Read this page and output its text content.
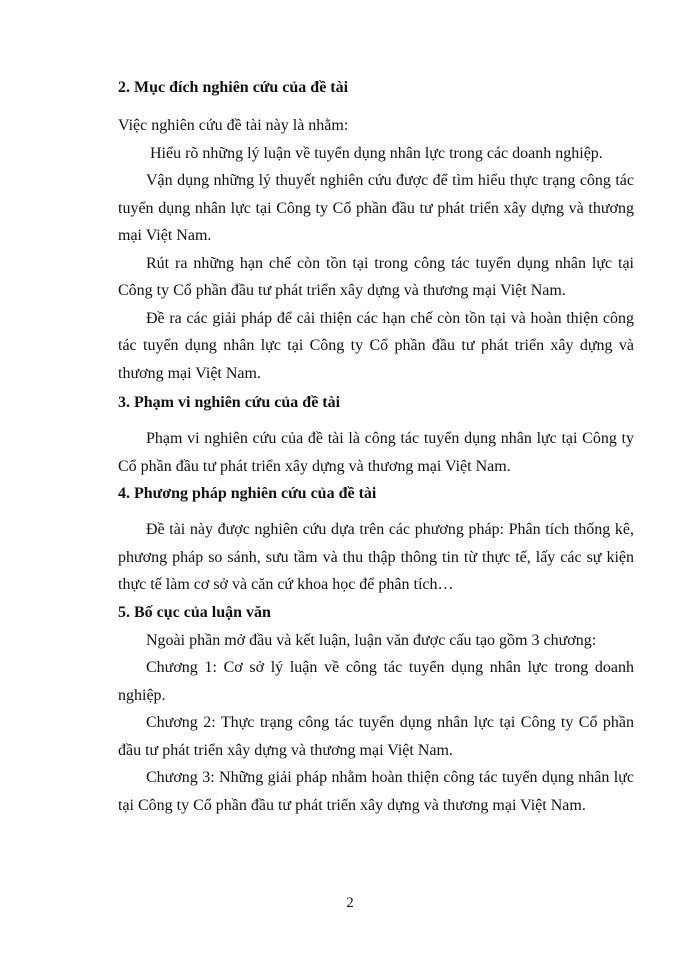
2. Mục đích nghiên cứu của đề tài

Việc nghiên cứu đề tài này là nhằm:

Hiểu rõ những lý luận về tuyển dụng nhân lực trong các doanh nghiệp.

Vận dụng những lý thuyết nghiên cứu được để tìm hiểu thực trạng công tác tuyển dụng nhân lực tại Công ty Cổ phần đầu tư phát triển xây dựng và thương mại Việt Nam.

Rút ra những hạn chế còn tồn tại trong công tác tuyển dụng nhân lực tại Công ty Cổ phần đầu tư phát triển xây dựng và thương mại Việt Nam.

Đề ra các giải pháp để cải thiện các hạn chế còn tồn tại và hoàn thiện công tác tuyển dụng nhân lực tại Công ty Cổ phần đầu tư phát triển xây dựng và thương mại Việt Nam.

3. Phạm vi nghiên cứu của đề tài

Phạm vi nghiên cứu của đề tài là công tác tuyển dụng nhân lực tại Công ty Cổ phần đầu tư phát triển xây dựng và thương mại Việt Nam.

4. Phương pháp nghiên cứu của đề tài

Đề tài này được nghiên cứu dựa trên các phương pháp: Phân tích thống kê, phương pháp so sánh, sưu tầm và thu thập thông tin từ thực tế, lấy các sự kiện thực tế làm cơ sở và căn cứ khoa học để phân tích…

5. Bố cục của luận văn

Ngoài phần mở đầu và kết luận, luận văn được cấu tạo gồm 3 chương:

Chương 1: Cơ sở lý luận về công tác tuyển dụng nhân lực trong doanh nghiệp.

Chương 2: Thực trạng công tác tuyển dụng nhân lực tại Công ty Cổ phần đầu tư phát triển xây dựng và thương mại Việt Nam.

Chương 3: Những giải pháp nhằm hoàn thiện công tác tuyển dụng nhân lực tại Công ty Cổ phần đầu tư phát triển xây dựng và thương mại Việt Nam.

2
